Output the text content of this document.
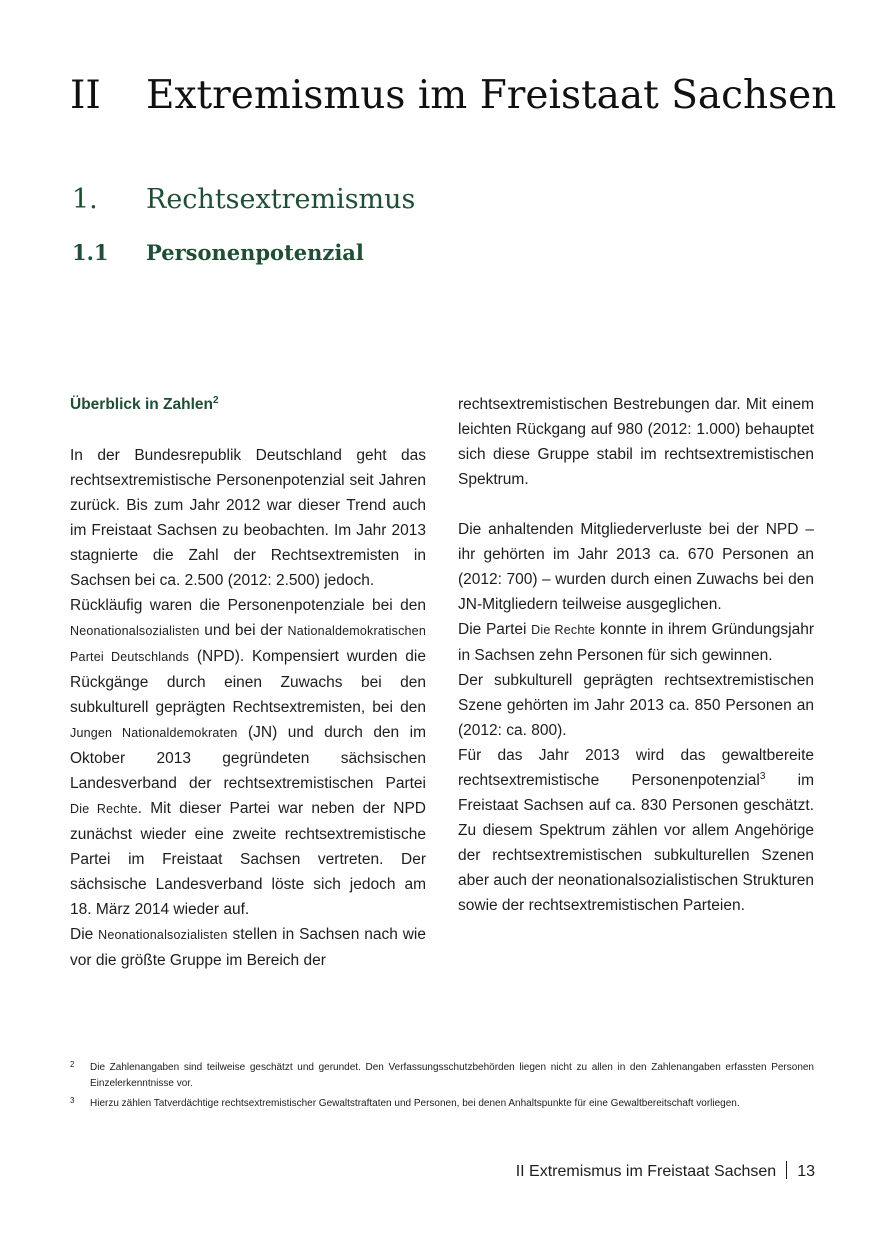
II Extremismus im Freistaat Sachsen
1. Rechtsextremismus
1.1 Personenpotenzial

Überblick in Zahlen$^2$

In der Bundesrepublik Deutschland geht das rechtsextremistische Personenpotenzial seit Jahren zurück. Bis zum Jahr 2012 war dieser Trend auch im Freistaat Sachsen zu beobachten. Im Jahr 2013 stagnierte die Zahl der Rechtsextremisten in Sachsen bei ca. 2.500 (2012: 2.500) jedoch.

Rückläufig waren die Personenpotenziale bei den Neonationalsozialisten und bei der Nationaldemokratischen Partei Deutschlands (NPD). Kompensiert wurden die Rückgänge durch einen Zuwachs bei den subkulturell geprägten Rechtsextremisten, bei den Jungen Nationaldemokraten (JN) und durch den im Oktober 2013 gegründeten sächsischen Landesverband der rechtsextremistischen Partei Die Rechte. Mit dieser Partei war neben der NPD zunächst wieder eine zweite rechtsextremistische Partei im Freistaat Sachsen vertreten. Der sächsische Landesverband löste sich jedoch am 18. März 2014 wieder auf.

Die Neonationalsozialisten stellen in Sachsen nach wie vor die größte Gruppe im Bereich der

rechtsextremistischen Bestrebungen dar. Mit einem leichten Rückgang auf 980 (2012: 1.000) behauptet sich diese Gruppe stabil im rechtsextremistischen Spektrum.

Die anhaltenden Mitgliederverluste bei der NPD – ihr gehörten im Jahr 2013 ca. 670 Personen an (2012: 700) – wurden durch einen Zuwachs bei den JN-Mitgliedern teilweise ausgeglichen.

Die Partei Die Rechte konnte in ihrem Gründungsjahr in Sachsen zehn Personen für sich gewinnen.

Der subkulturell geprägten rechtsextremistischen Szene gehörten im Jahr 2013 ca. 850 Personen an (2012: ca. 800).

Für das Jahr 2013 wird das gewaltbereite rechtsextremistische Personenpotenzial$^3$ im Freistaat Sachsen auf ca. 830 Personen geschätzt. Zu diesem Spektrum zählen vor allem Angehörige der rechtsextremistischen subkulturellen Szenen aber auch der neonationalsozialistischen Strukturen sowie der rechtsextremistischen Parteien.

2 Die Zahlenangaben sind teilweise geschätzt und gerundet. Den Verfassungsschutzbehörden liegen nicht zu allen in den Zahlenangaben erfassten Personen Einzelerkenntnisse vor.
3 Hierzu zählen Tatverdächtige rechtsextremistischer Gewaltstraftaten und Personen, bei denen Anhaltspunkte für eine Gewaltbereitschaft vorliegen.
II Extremismus im Freistaat Sachsen 13
